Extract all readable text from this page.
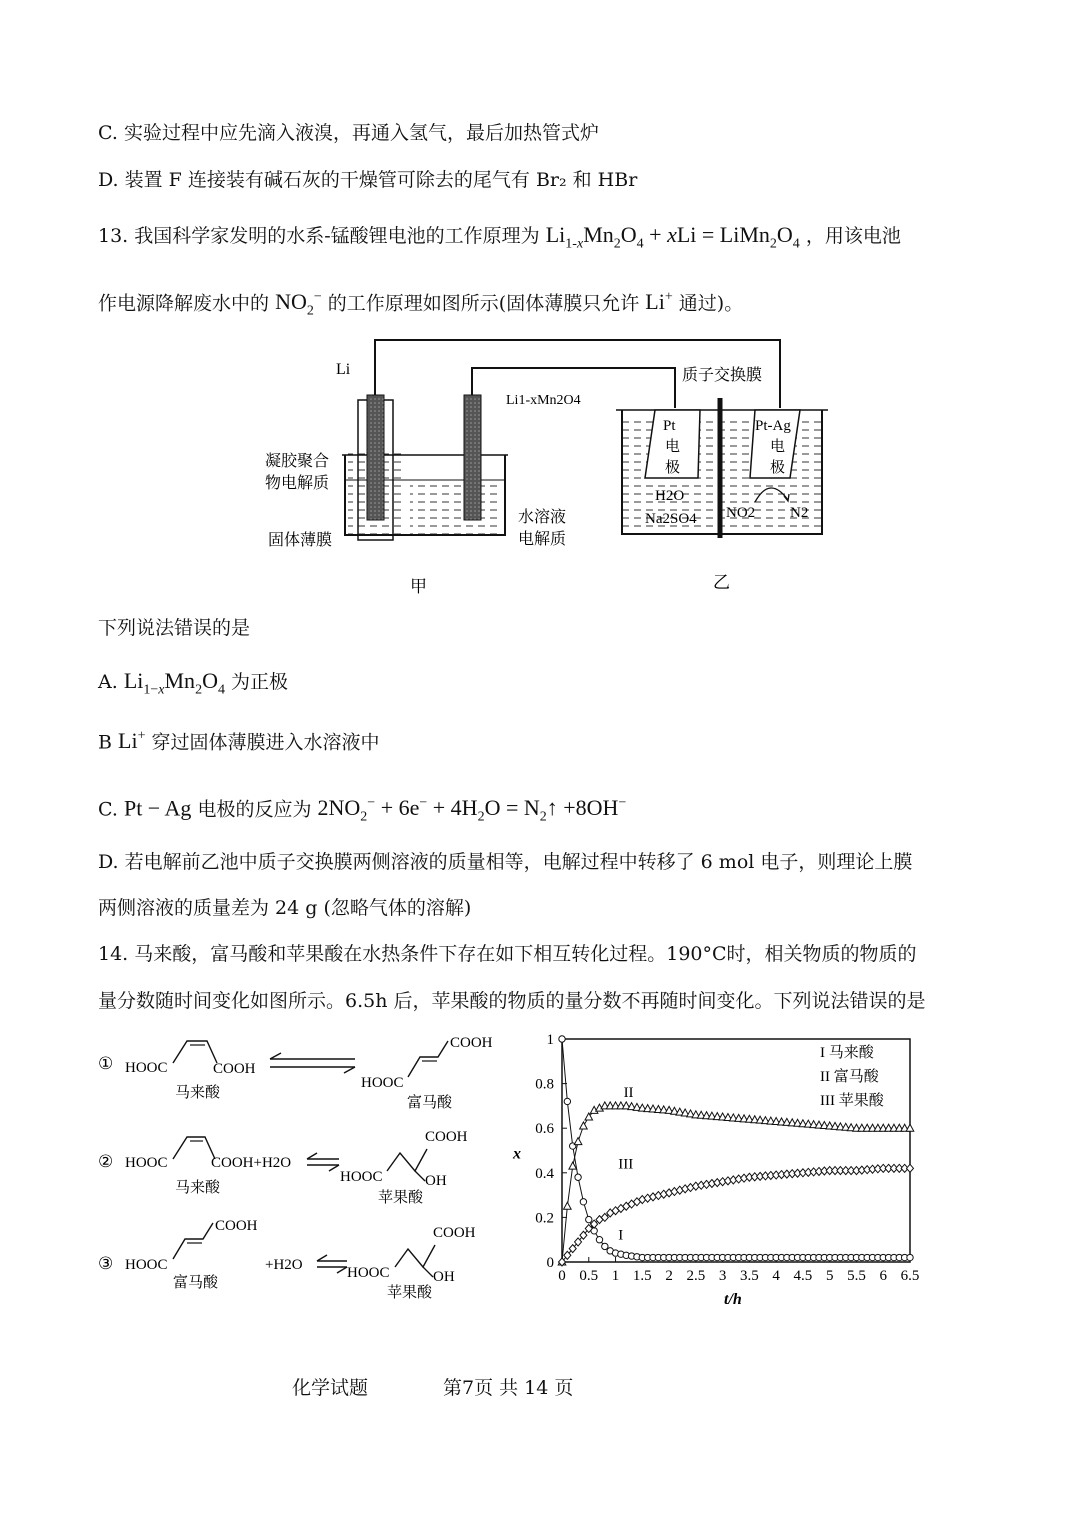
C. 实验过程中应先滴入液溴，再通入氢气，最后加热管式炉
D. 装置 F 连接装有碱石灰的干燥管可除去的尾气有 Br₂ 和 HBr
13. 我国科学家发明的水系-锰酸锂电池的工作原理为 $Li_{1-x}Mn_2O_4$ + xLi = $LiMn_2O_4$ ，用该电池
作电源降解废水中的 $NO_2^-$ 的工作原理如图所示(固体薄膜只允许 Li+ 通过)。
Li
Li1-xMn2O4
凝胶聚合
物电解质
固体薄膜
水溶液
电解质
质子交换膜
Pt
电
极
Pt-Ag
电
极
H2O
Na2SO4 NO2 N2
甲	乙
下列说法错误的是
A. $Li_{1-x}Mn_2O_4$ 为正极
B Li+ 穿过固体薄膜进入水溶液中
C. Pt − Ag 电极的反应为 $2NO_2^- + 6e^- + 4H_2O$ = $N_2↑ +8OH^-$
D. 若电解前乙池中质子交换膜两侧溶液的质量相等，电解过程中转移了 6 mol 电子，则理论上膜
两侧溶液的质量差为 24 g (忽略气体的溶解)
14. 马来酸，富马酸和苹果酸在水热条件下存在如下相互转化过程。190°C时，相关物质的物质的
量分数随时间变化如图所示。6.5h 后，苹果酸的物质的量分数不再随时间变化。下列说法错误的是
① HOOC	COOH
马来酸
HOOC
COOH
富马酸
② HOOC	COOH+H2O
马来酸
HOOC
COOH
OH
苹果酸
③ HOOC
COOH
富马酸
+H2O	HOOC
COOH
OH
苹果酸
0
0.2
0.4
0.6
0.8
1
0 0.5 1 1.5 2 2.5 3 3.5 4 4.5 5 5.5 6 6.5
t/h
x
I
II
III
I 马来酸
II 富马酸
III 苹果酸
化学试题	第7页 共 14 页
